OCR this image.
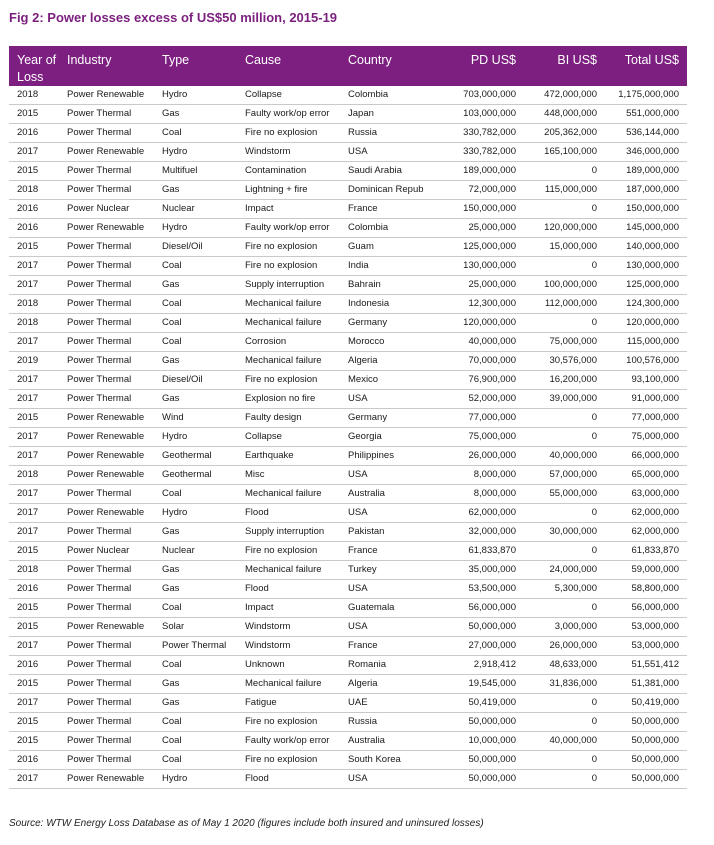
Fig 2: Power losses excess of US$50 million, 2015-19
Year of Loss	Industry	Type	Cause	Country	PD US$	BI US$	Total US$
2018	Power Renewable	Hydro	Collapse	Colombia	703,000,000	472,000,000	1,175,000,000
2015	Power Thermal	Gas	Faulty work/op error	Japan	103,000,000	448,000,000	551,000,000
2016	Power Thermal	Coal	Fire no explosion	Russia	330,782,000	205,362,000	536,144,000
2017	Power Renewable	Hydro	Windstorm	USA	330,782,000	165,100,000	346,000,000
2015	Power Thermal	Multifuel	Contamination	Saudi Arabia	189,000,000	0	189,000,000
2018	Power Thermal	Gas	Lightning + fire	Dominican Repub	72,000,000	115,000,000	187,000,000
2016	Power Nuclear	Nuclear	Impact	France	150,000,000	0	150,000,000
2016	Power Renewable	Hydro	Faulty work/op error	Colombia	25,000,000	120,000,000	145,000,000
2015	Power Thermal	Diesel/Oil	Fire no explosion	Guam	125,000,000	15,000,000	140,000,000
2017	Power Thermal	Coal	Fire no explosion	India	130,000,000	0	130,000,000
2017	Power Thermal	Gas	Supply interruption	Bahrain	25,000,000	100,000,000	125,000,000
2018	Power Thermal	Coal	Mechanical failure	Indonesia	12,300,000	112,000,000	124,300,000
2018	Power Thermal	Coal	Mechanical failure	Germany	120,000,000	0	120,000,000
2017	Power Thermal	Coal	Corrosion	Morocco	40,000,000	75,000,000	115,000,000
2019	Power Thermal	Gas	Mechanical failure	Algeria	70,000,000	30,576,000	100,576,000
2017	Power Thermal	Diesel/Oil	Fire no explosion	Mexico	76,900,000	16,200,000	93,100,000
2017	Power Thermal	Gas	Explosion no fire	USA	52,000,000	39,000,000	91,000,000
2015	Power Renewable	Wind	Faulty design	Germany	77,000,000	0	77,000,000
2017	Power Renewable	Hydro	Collapse	Georgia	75,000,000	0	75,000,000
2017	Power Renewable	Geothermal	Earthquake	Philippines	26,000,000	40,000,000	66,000,000
2018	Power Renewable	Geothermal	Misc	USA	8,000,000	57,000,000	65,000,000
2017	Power Thermal	Coal	Mechanical failure	Australia	8,000,000	55,000,000	63,000,000
2017	Power Renewable	Hydro	Flood	USA	62,000,000	0	62,000,000
2017	Power Thermal	Gas	Supply interruption	Pakistan	32,000,000	30,000,000	62,000,000
2015	Power Nuclear	Nuclear	Fire no explosion	France	61,833,870	0	61,833,870
2018	Power Thermal	Gas	Mechanical failure	Turkey	35,000,000	24,000,000	59,000,000
2016	Power Thermal	Gas	Flood	USA	53,500,000	5,300,000	58,800,000
2015	Power Thermal	Coal	Impact	Guatemala	56,000,000	0	56,000,000
2015	Power Renewable	Solar	Windstorm	USA	50,000,000	3,000,000	53,000,000
2017	Power Thermal	Power Thermal	Windstorm	France	27,000,000	26,000,000	53,000,000
2016	Power Thermal	Coal	Unknown	Romania	2,918,412	48,633,000	51,551,412
2015	Power Thermal	Gas	Mechanical failure	Algeria	19,545,000	31,836,000	51,381,000
2017	Power Thermal	Gas	Fatigue	UAE	50,419,000	0	50,419,000
2015	Power Thermal	Coal	Fire no explosion	Russia	50,000,000	0	50,000,000
2015	Power Thermal	Coal	Faulty work/op error	Australia	10,000,000	40,000,000	50,000,000
2016	Power Thermal	Coal	Fire no explosion	South Korea	50,000,000	0	50,000,000
2017	Power Renewable	Hydro	Flood	USA	50,000,000	0	50,000,000
Source: WTW Energy Loss Database as of May 1 2020 (figures include both insured and uninsured losses)
